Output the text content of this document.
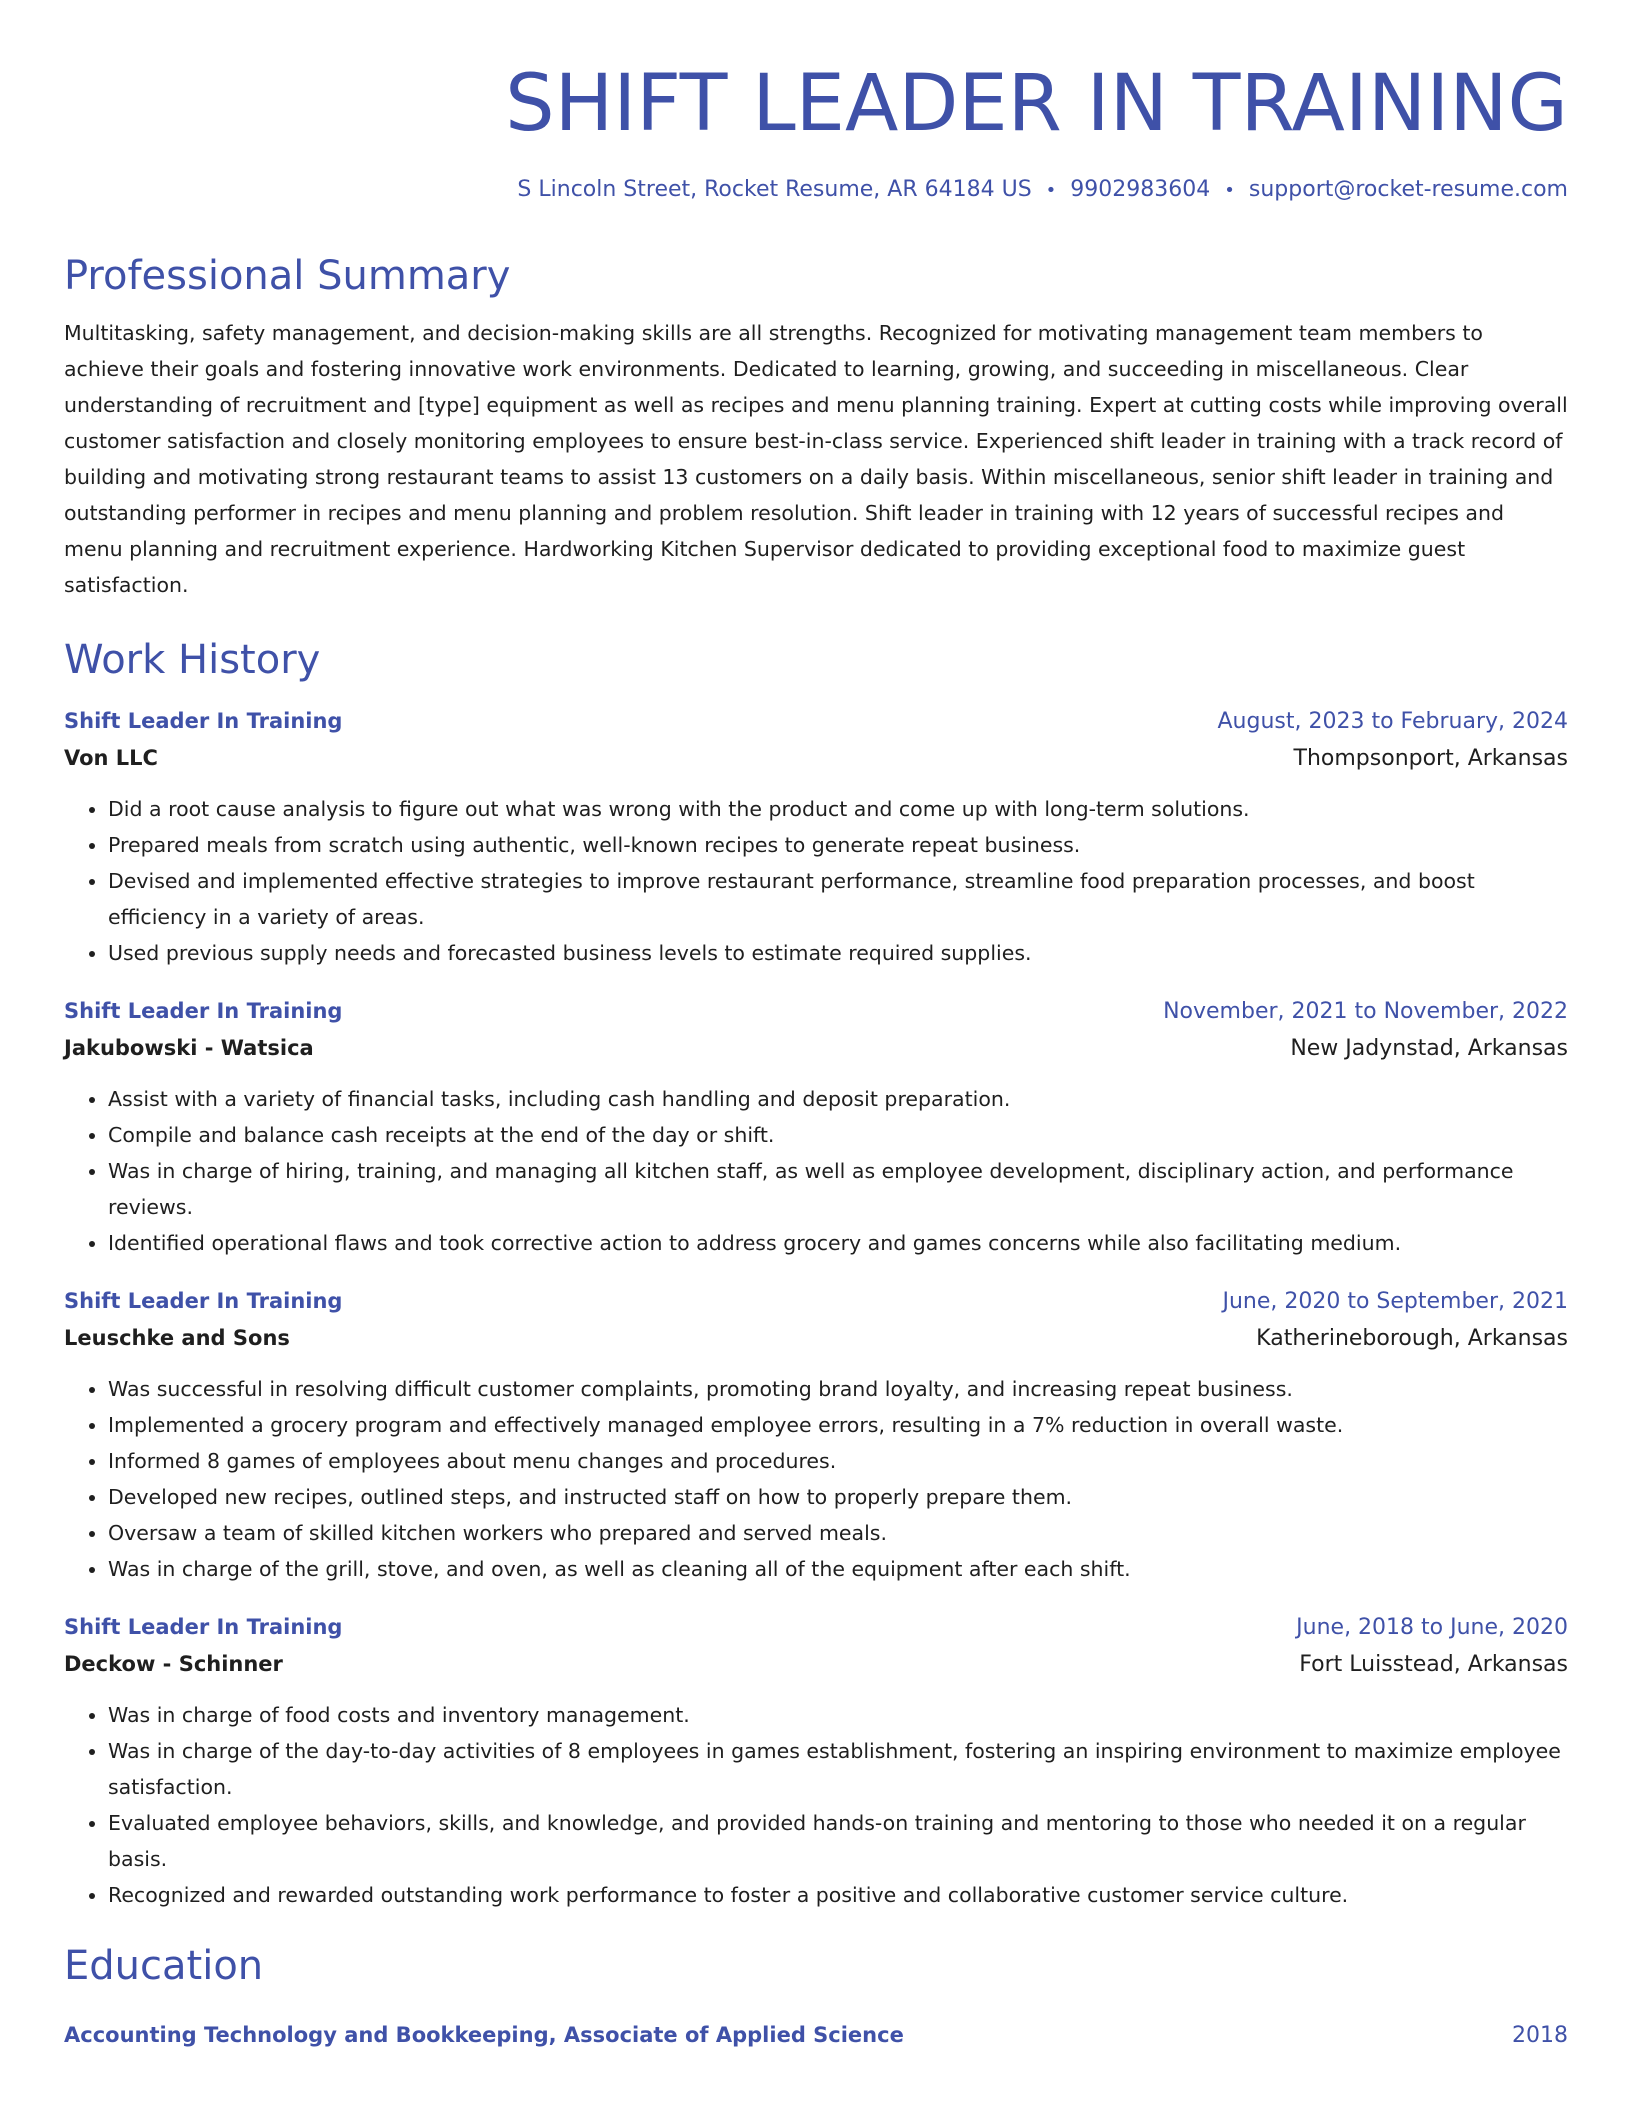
SHIFT LEADER IN TRAINING
S Lincoln Street, Rocket Resume, AR 64184 US • 9902983604 • support@rocket-resume.com
Professional Summary

Multitasking, safety management, and decision-making skills are all strengths. Recognized for motivating management team members to achieve their goals and fostering innovative work environments. Dedicated to learning, growing, and succeeding in miscellaneous. Clear understanding of recruitment and [type] equipment as well as recipes and menu planning training. Expert at cutting costs while improving overall customer satisfaction and closely monitoring employees to ensure best-in-class service. Experienced shift leader in training with a track record of building and motivating strong restaurant teams to assist 13 customers on a daily basis. Within miscellaneous, senior shift leader in training and outstanding performer in recipes and menu planning and problem resolution. Shift leader in training with 12 years of successful recipes and menu planning and recruitment experience. Hardworking Kitchen Supervisor dedicated to providing exceptional food to maximize guest satisfaction.

Work History
Shift Leader In Training	August, 2023 to February, 2024
Von LLC	Thompsonport, Arkansas
• Did a root cause analysis to figure out what was wrong with the product and come up with long-term solutions.
• Prepared meals from scratch using authentic, well-known recipes to generate repeat business.
• Devised and implemented effective strategies to improve restaurant performance, streamline food preparation processes, and boost efficiency in a variety of areas.
• Used previous supply needs and forecasted business levels to estimate required supplies.
Shift Leader In Training	November, 2021 to November, 2022
Jakubowski - Watsica	New Jadynstad, Arkansas
• Assist with a variety of financial tasks, including cash handling and deposit preparation.
• Compile and balance cash receipts at the end of the day or shift.
• Was in charge of hiring, training, and managing all kitchen staff, as well as employee development, disciplinary action, and performance reviews.
• Identified operational flaws and took corrective action to address grocery and games concerns while also facilitating medium.
Shift Leader In Training	June, 2020 to September, 2021
Leuschke and Sons	Katherineborough, Arkansas
• Was successful in resolving difficult customer complaints, promoting brand loyalty, and increasing repeat business.
• Implemented a grocery program and effectively managed employee errors, resulting in a 7% reduction in overall waste.
• Informed 8 games of employees about menu changes and procedures.
• Developed new recipes, outlined steps, and instructed staff on how to properly prepare them.
• Oversaw a team of skilled kitchen workers who prepared and served meals.
• Was in charge of the grill, stove, and oven, as well as cleaning all of the equipment after each shift.
Shift Leader In Training	June, 2018 to June, 2020
Deckow - Schinner	Fort Luisstead, Arkansas
• Was in charge of food costs and inventory management.
• Was in charge of the day-to-day activities of 8 employees in games establishment, fostering an inspiring environment to maximize employee satisfaction.
• Evaluated employee behaviors, skills, and knowledge, and provided hands-on training and mentoring to those who needed it on a regular basis.
• Recognized and rewarded outstanding work performance to foster a positive and collaborative customer service culture.
Education
Accounting Technology and Bookkeeping, Associate of Applied Science	2018
